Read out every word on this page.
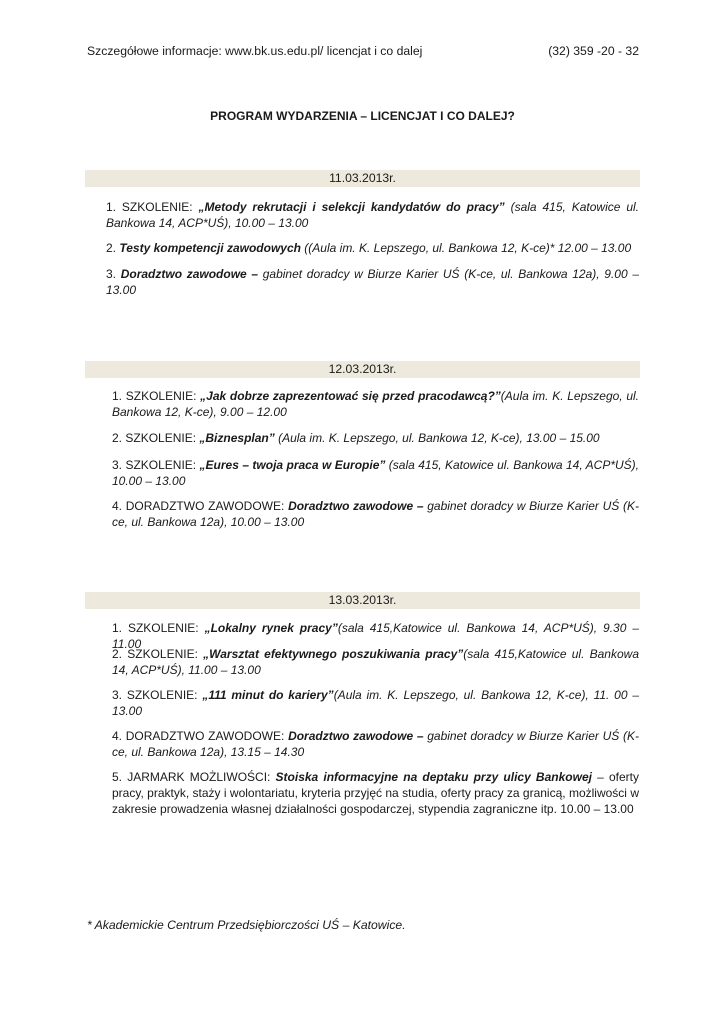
Szczegółowe informacje: www.bk.us.edu.pl/ licencjat i co dalej	(32) 359 -20 - 32
PROGRAM WYDARZENIA – LICENCJAT I CO DALEJ?
11.03.2013r.
1. SZKOLENIE: „Metody rekrutacji i selekcji kandydatów do pracy” (sala 415, Katowice ul. Bankowa 14, ACP*UŚ), 10.00 – 13.00
2. Testy kompetencji zawodowych ((Aula im. K. Lepszego, ul. Bankowa 12, K-ce)* 12.00 – 13.00
3. Doradztwo zawodowe – gabinet doradcy w Biurze Karier UŚ (K-ce, ul. Bankowa 12a), 9.00 – 13.00
12.03.2013r.
1. SZKOLENIE: „Jak dobrze zaprezentować się przed pracodawcą?”(Aula im. K. Lepszego, ul. Bankowa 12, K-ce), 9.00 – 12.00
2. SZKOLENIE: „Biznesplan” (Aula im. K. Lepszego, ul. Bankowa 12, K-ce), 13.00 – 15.00
3. SZKOLENIE: „Eures – twoja praca w Europie” (sala 415, Katowice ul. Bankowa 14, ACP*UŚ), 10.00 – 13.00
4. DORADZTWO ZAWODOWE: Doradztwo zawodowe – gabinet doradcy w Biurze Karier UŚ (K-ce, ul. Bankowa 12a), 10.00 – 13.00
13.03.2013r.
1. SZKOLENIE: „Lokalny rynek pracy”(sala 415,Katowice ul. Bankowa 14, ACP*UŚ), 9.30 – 11.00
2. SZKOLENIE: „Warsztat efektywnego poszukiwania pracy”(sala 415,Katowice ul. Bankowa 14, ACP*UŚ), 11.00 – 13.00
3. SZKOLENIE: „111 minut do kariery”(Aula im. K. Lepszego, ul. Bankowa 12, K-ce), 11. 00 – 13.00
4. DORADZTWO ZAWODOWE: Doradztwo zawodowe – gabinet doradcy w Biurze Karier UŚ (K-ce, ul. Bankowa 12a), 13.15 – 14.30
5. JARMARK MOŻLIWOŚCI: Stoiska informacyjne na deptaku przy ulicy Bankowej – oferty pracy, praktyk, staży i wolontariatu, kryteria przyjęć na studia, oferty pracy za granicą, możliwości w zakresie prowadzenia własnej działalności gospodarczej, stypendia zagraniczne itp. 10.00 – 13.00
* Akademickie Centrum Przedsiębiorczości UŚ – Katowice.
